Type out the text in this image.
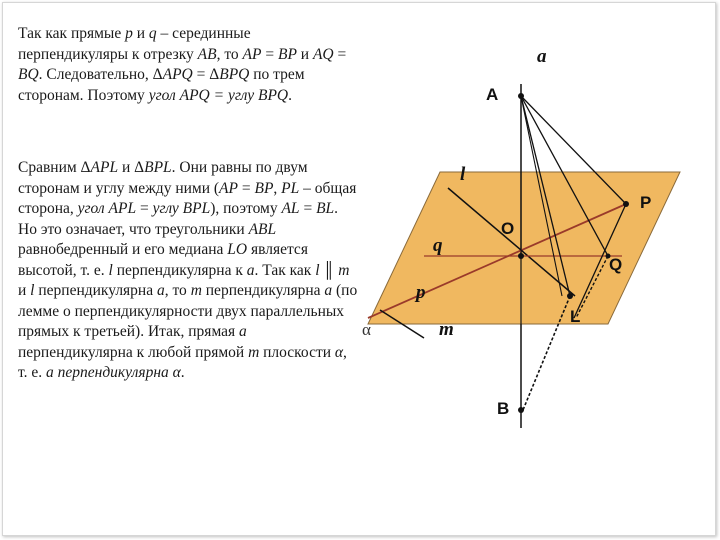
Так как прямые p и q – серединные перпендикуляры к отрезку AB, то AP = BP и AQ = BQ. Следовательно, ΔAPQ = ΔBPQ по трем сторонам. Поэтому угол APQ = углу BPQ.

Сравним ΔAPL и ΔBPL. Они равны по двум сторонам и углу между ними (AP = BP, PL – общая сторона, угол APL = углу BPL), поэтому AL = BL. Но это означает, что треугольники ABL равнобедренный и его медиана LO является высотой, т. е. l перпендикулярна к a. Так как l ║ m и l перпендикулярна a, то m перпендикулярна a (по лемме о перпендикулярности двух параллельных прямых к третьей). Итак, прямая a перпендикулярна к любой прямой m плоскости α, т. е. a перпендикулярна α.

a
A
l
P
O
q
Q
p
L
m
α
B
